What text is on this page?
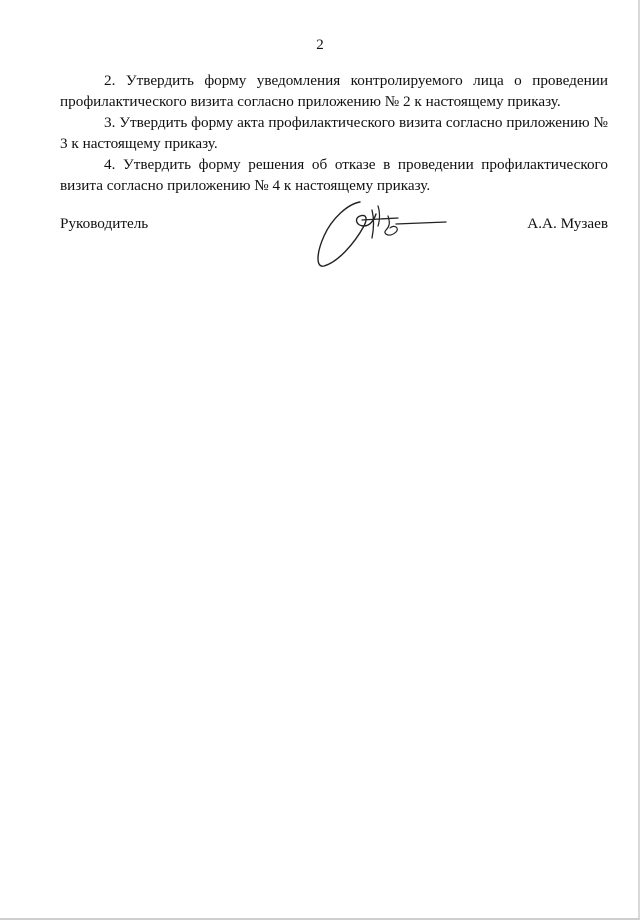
2

2. Утвердить форму уведомления контролируемого лица о проведении профилактического визита согласно приложению № 2 к настоящему приказу.

3. Утвердить форму акта профилактического визита согласно приложению № 3 к настоящему приказу.

4. Утвердить форму решения об отказе в проведении профилактического визита согласно приложению № 4 к настоящему приказу.

Руководитель	А.А. Музаев
